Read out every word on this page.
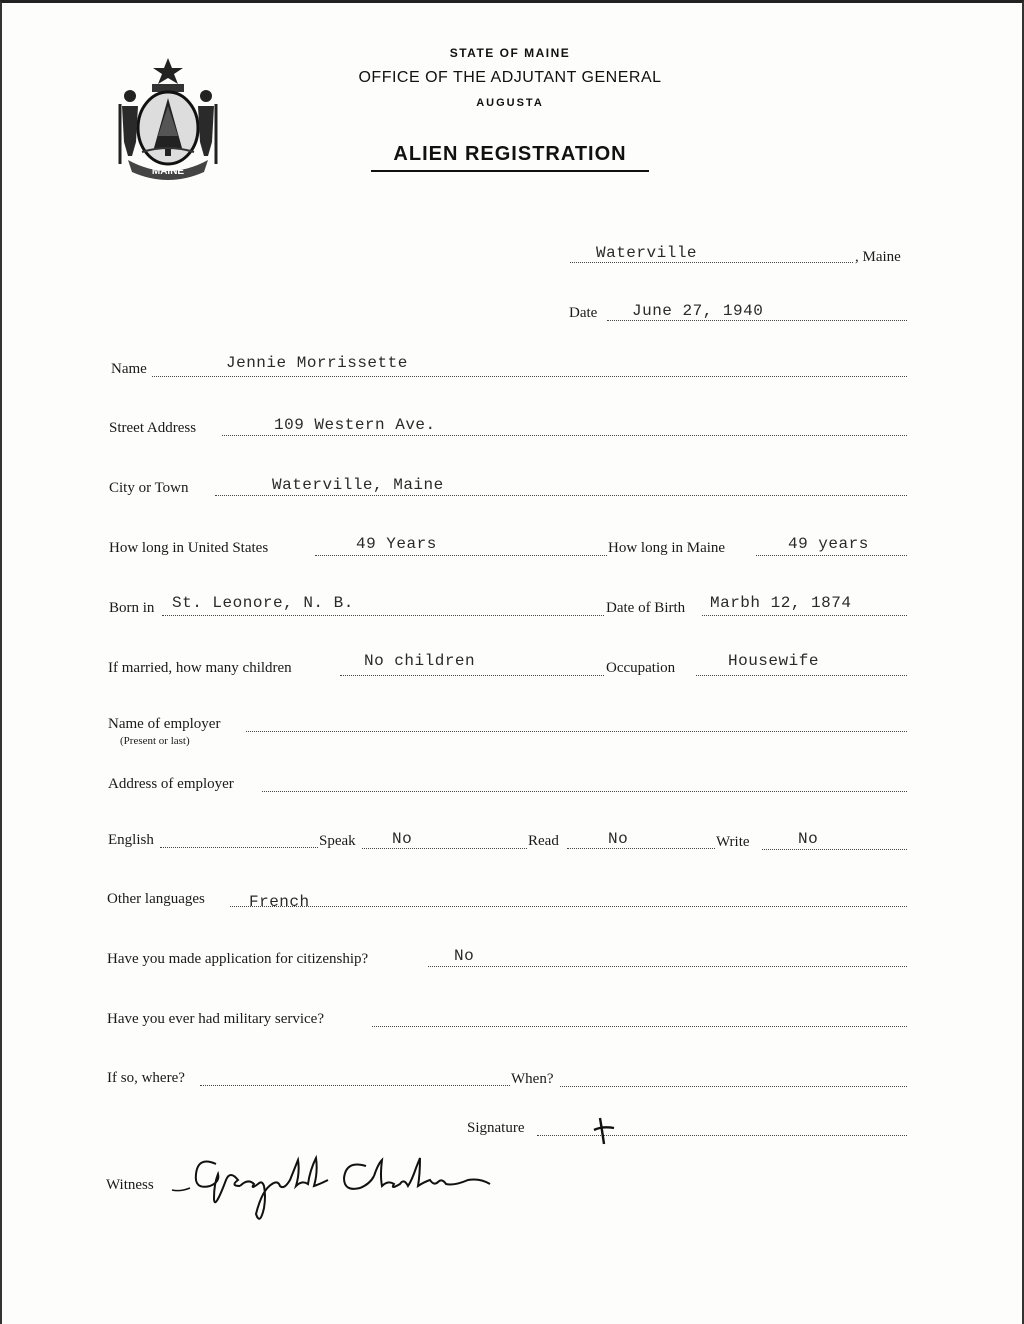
MAINE
STATE OF MAINE
OFFICE OF THE ADJUTANT GENERAL
AUGUSTA
ALIEN REGISTRATION
Waterville	, Maine
Date June 27, 1940
Name	Jennie Morrissette
Street Address	109 Western Ave.
City or Town	Waterville, Maine
How long in United States	49 Years	How long in Maine	49 years
Born in St. Leonore, N. B.	Date of Birth Marbh 12, 1874
If married, how many children	No children	Occupation	Housewife
Name of employer
(Present or last)
Address of employer
English	Speak No	Read	No	Write	No
Other languages	French
Have you made application for citizenship?	No
Have you ever had military service?
If so, where?	When?
Signature
Witness
